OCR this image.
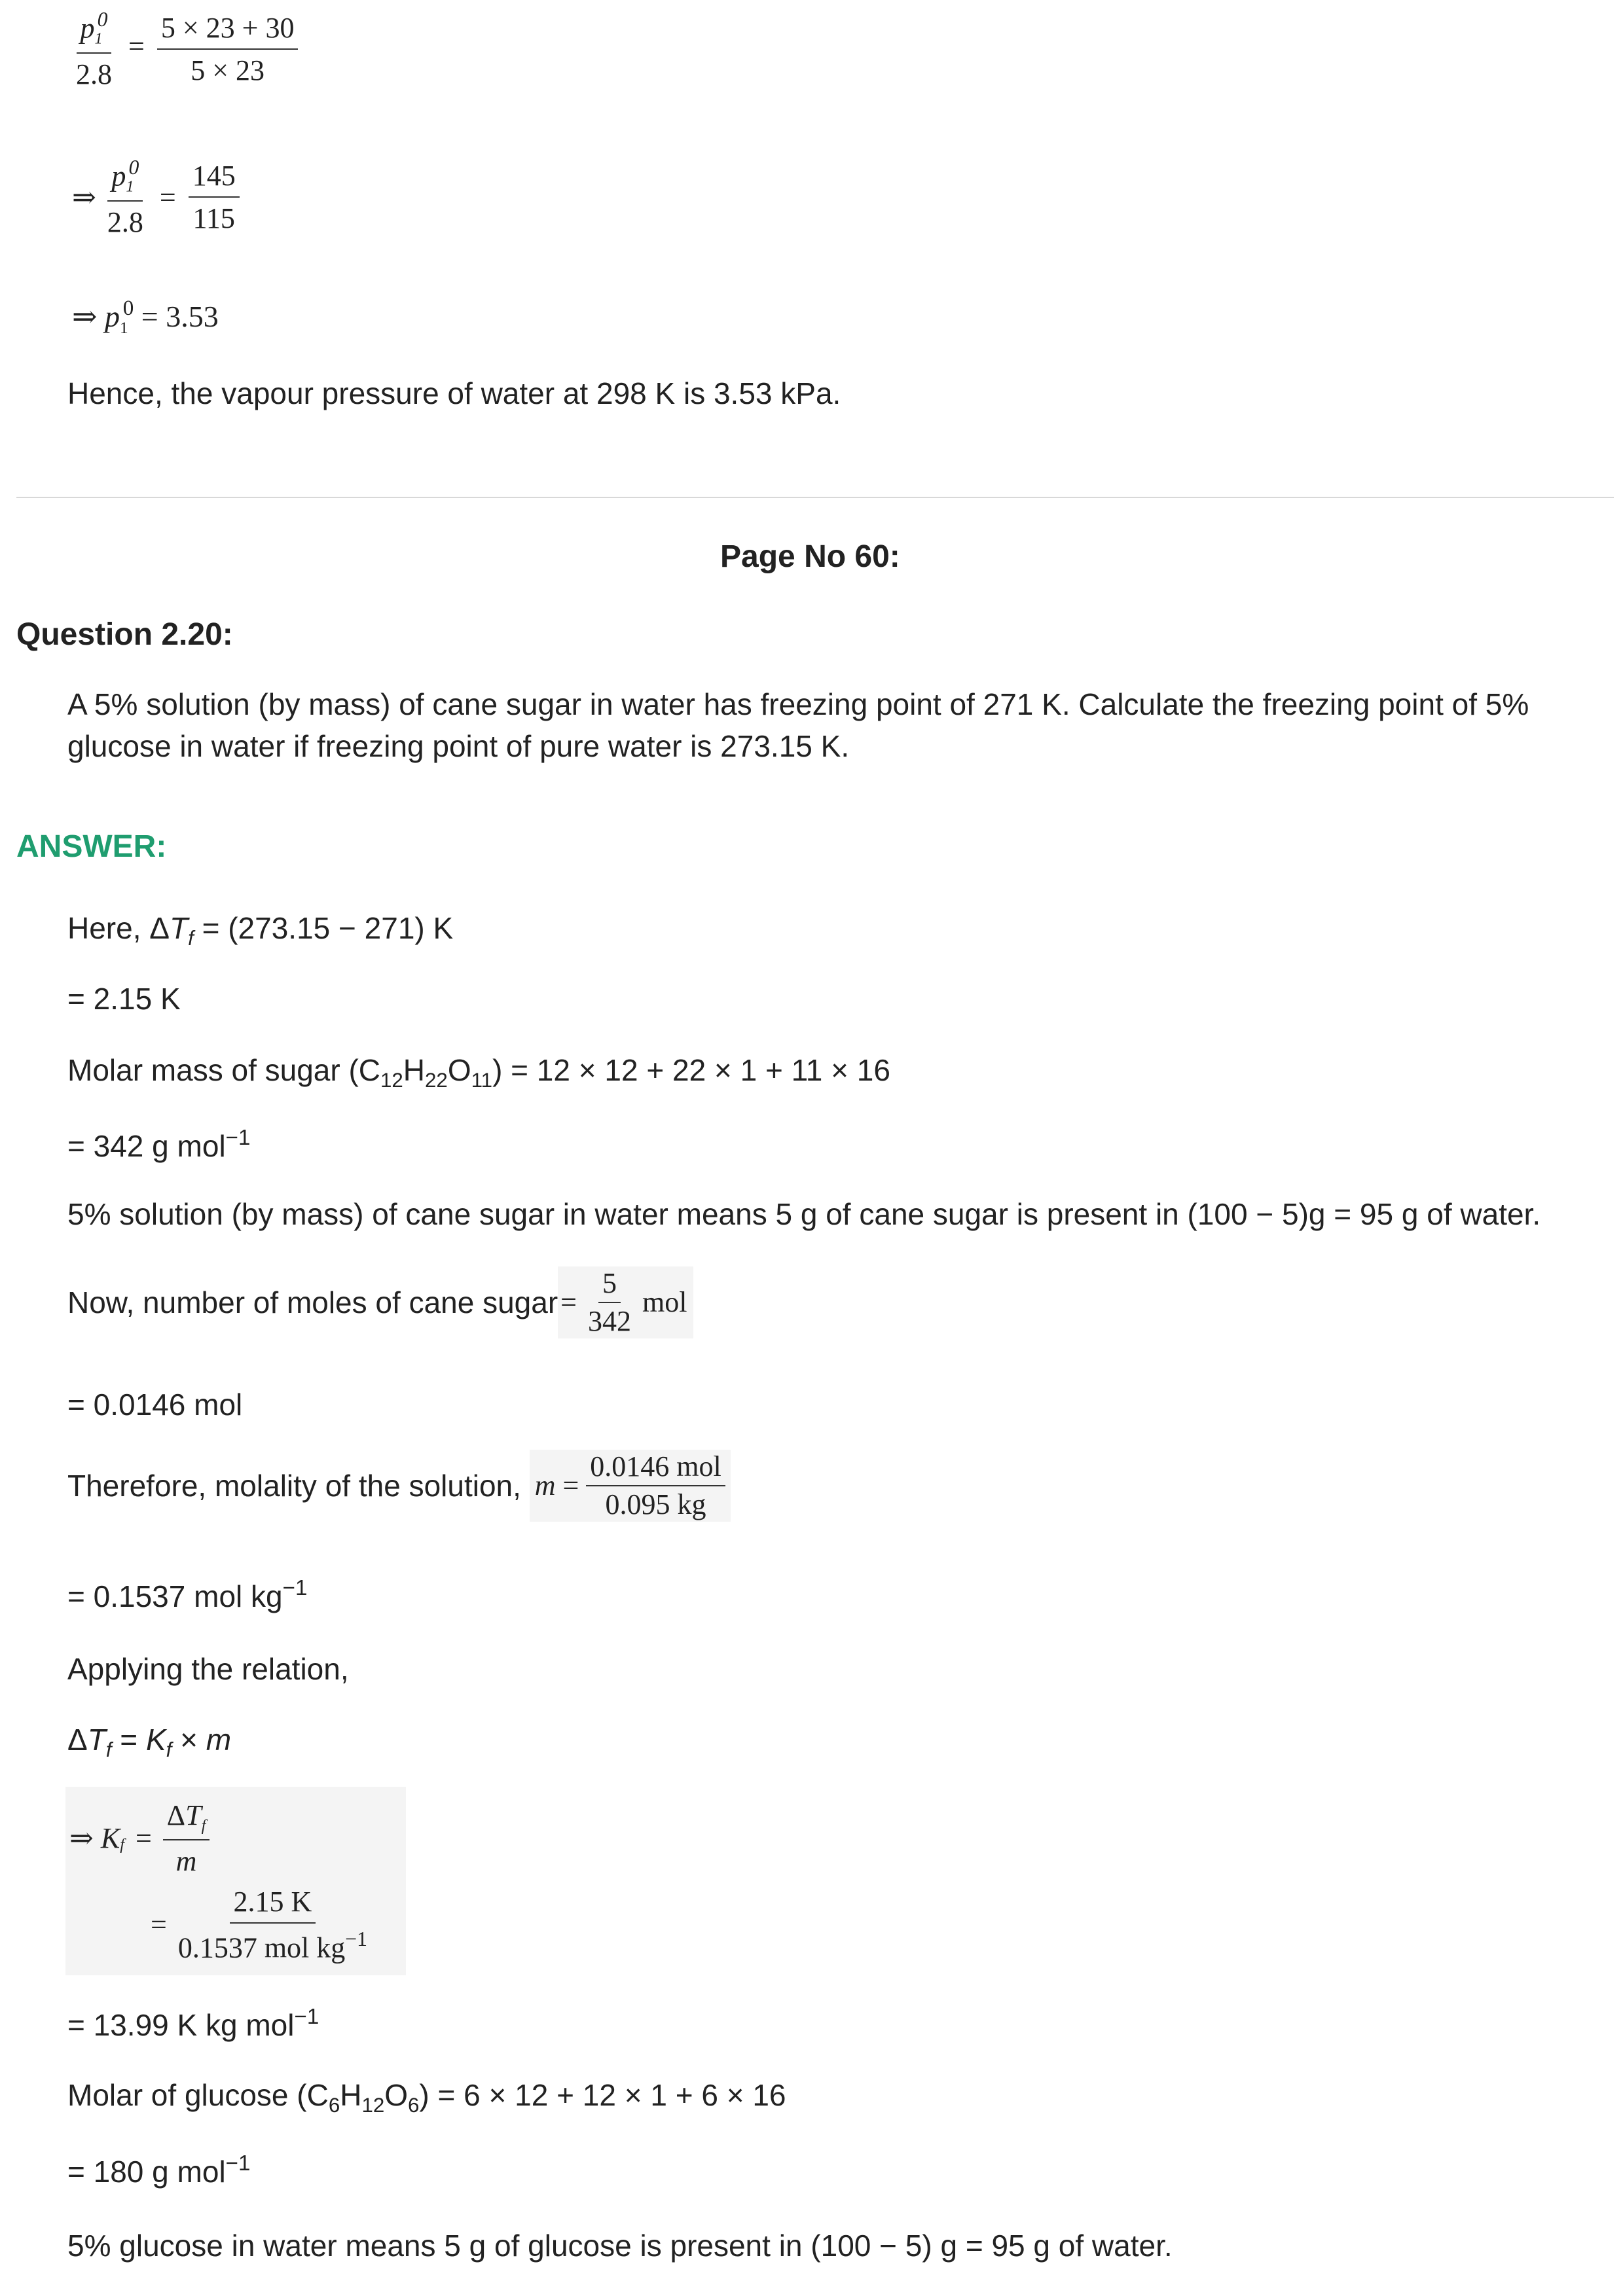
$\frac{p_1^0}{2.8} = \frac{5 \times 23 + 30}{5 \times 23}$
⇒ $\frac{p_1^0}{2.8} = \frac{145}{115}$
⇒ $p_1^0 = 3.53$
Hence, the vapour pressure of water at 298 K is 3.53 kPa.
Page No 60:
Question 2.20:
A 5% solution (by mass) of cane sugar in water has freezing point of 271 K. Calculate the freezing point of 5%
glucose in water if freezing point of pure water is 273.15 K.
ANSWER:
Here, $\Delta T_f = (273.15 - 271)$ K
= 2.15 K
Molar mass of sugar $(C_{12}H_{22}O_{11}) = 12 \times 12 + 22 \times 1 + 11 \times 16$
= 342 g mol$^{-1}$
5% solution (by mass) of cane sugar in water means 5 g of cane sugar is present in (100 − 5)g = 95 g of water.
Now, number of moles of cane sugar= $\frac{5}{342}$ mol
= 0.0146 mol
Therefore, molality of the solution, $m = \frac{\text{0.0146 mol}}{0.095 kg}$
= 0.1537 mol $kg^{-1}$
Applying the relation,
$\Delta T_f = K_f \times m$
⇒ $K_f = \frac{\Delta T_f}{m}$
= $\frac{2.15 K}{0.1537 mol kg^{-1}}$
= 13.99 K kg mol$^{-1}$
Molar of glucose $(C_6H_{12}O_6) = 6 \times 12 + 12 \times 1 + 6 \times 16$
= 180 g mol$^{-1}$
5% glucose in water means 5 g of glucose is present in (100 − 5) g = 95 g of water.
